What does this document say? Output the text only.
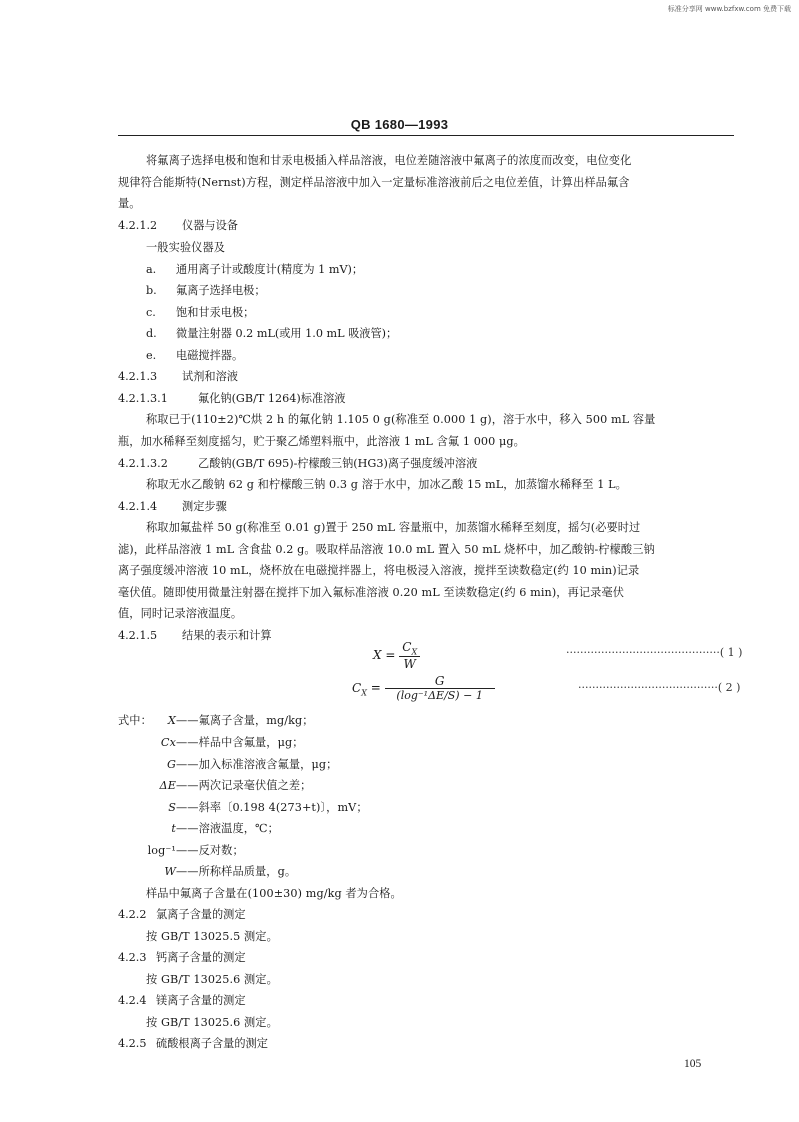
标准分享网 www.bzfxw.com 免费下载
QB 1680—1993
将氟离子选择电极和饱和甘汞电极插入样品溶液，电位差随溶液中氟离子的浓度而改变，电位变化
规律符合能斯特(Nernst)方程，测定样品溶液中加入一定量标准溶液前后之电位差值，计算出样品氟含
量。
4.2.1.2 仪器与设备
一般实验仪器及
a. 通用离子计或酸度计(精度为 1 mV)；
b. 氟离子选择电极；
c. 饱和甘汞电极；
d. 微量注射器 0.2 mL(或用 1.0 mL 吸液管)；
e. 电磁搅拌器。
4.2.1.3 试剂和溶液
4.2.1.3.1	氟化钠(GB/T 1264)标准溶液
称取已于(110±2)℃烘 2 h 的氟化钠 1.105 0 g(称准至 0.000 1 g)，溶于水中，移入 500 mL 容量
瓶，加水稀释至刻度摇匀，贮于聚乙烯塑料瓶中，此溶液 1 mL 含氟 1 000 μg。
4.2.1.3.2	乙酸钠(GB/T 695)-柠檬酸三钠(HG3)离子强度缓冲溶液
称取无水乙酸钠 62 g 和柠檬酸三钠 0.3 g 溶于水中，加冰乙酸 15 mL，加蒸馏水稀释至 1 L。
4.2.1.4 测定步骤
称取加氟盐样 50 g(称准至 0.01 g)置于 250 mL 容量瓶中，加蒸馏水稀释至刻度，摇匀(必要时过
滤)，此样品溶液 1 mL 含食盐 0.2 g。吸取样品溶液 10.0 mL 置入 50 mL 烧杯中，加乙酸钠-柠檬酸三钠
离子强度缓冲溶液 10 mL，烧杯放在电磁搅拌器上，将电极浸入溶液，搅拌至读数稳定(约 10 min)记录
毫伏值。随即使用微量注射器在搅拌下加入氟标准溶液 0.20 mL 至读数稳定(约 6 min)，再记录毫伏
值，同时记录溶液温度。
4.2.1.5 结果的表示和计算
$X = \frac{C_X}{W}$	············································( 1 )
$C_X = \frac{G}{\text{(log⁻¹ΔE/S) − 1}}$	········································( 2 )
式中：	X——氟离子含量，mg/kg；
Cx——样品中含氟量，μg；
G——加入标准溶液含氟量，μg；
ΔE——两次记录毫伏值之差；
S——斜率〔0.198 4(273+t)〕，mV；
t——溶液温度，℃；
log⁻¹——反对数；
W——所称样品质量，g。
样品中氟离子含量在(100±30) mg/kg 者为合格。
4.2.2 氯离子含量的测定
按 GB/T 13025.5 测定。
4.2.3 钙离子含量的测定
按 GB/T 13025.6 测定。
4.2.4 镁离子含量的测定
按 GB/T 13025.6 测定。
4.2.5 硫酸根离子含量的测定
105
